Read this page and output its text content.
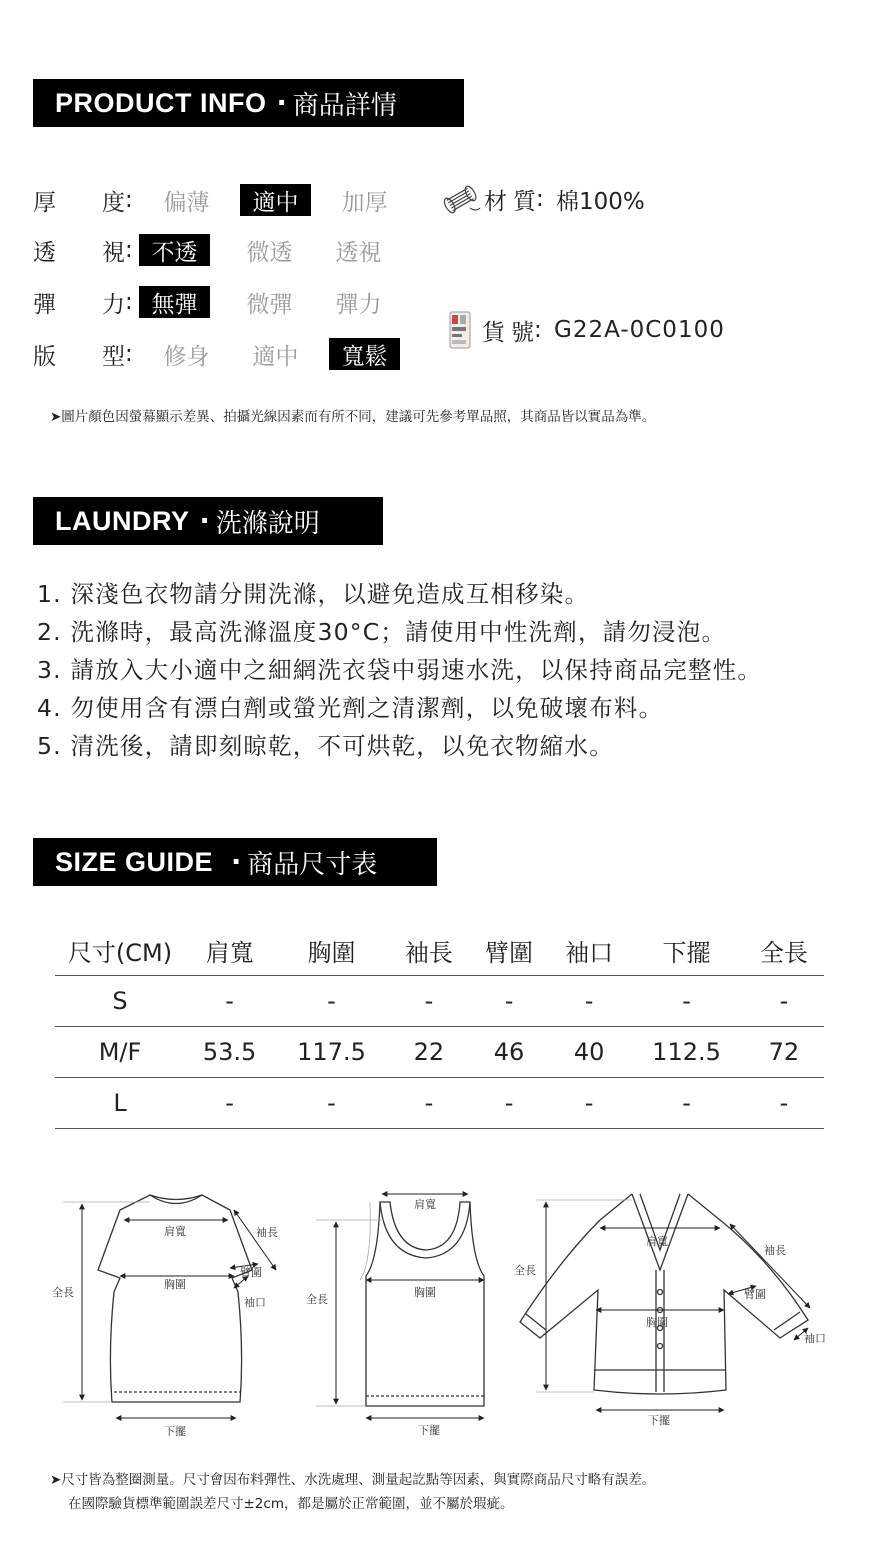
PRODUCT INFO · 商品詳情
厚 度 :	偏薄	適中	加厚
透 視 : 不透	微透	透視
彈 力 : 無彈	微彈	彈力
版 型 :	修身	適中	寬鬆
材 質 : 棉100%
貨 號 : G22A-0C0100
➤圖片顏色因螢幕顯示差異、拍攝光線因素而有所不同，建議可先參考單品照，其商品皆以實品為準。
LAUNDRY · 洗滌說明
1. 深淺色衣物請分開洗滌，以避免造成互相移染。
2. 洗滌時，最高洗滌溫度30°C；請使用中性洗劑，請勿浸泡。
3. 請放入大小適中之細網洗衣袋中弱速水洗，以保持商品完整性。
4. 勿使用含有漂白劑或螢光劑之清潔劑，以免破壞布料。
5. 清洗後，請即刻晾乾，不可烘乾，以免衣物縮水。
SIZE GUIDE · 商品尺寸表
尺寸(CM)	肩寬	胸圍	袖長	臂圍	袖口	下擺	全長
S	-	-	-	-	-	-	-
M/F	53.5	117.5	22	46	40	112.5	72
L	-	-	-	-	-	-	-
全長
肩寬
胸圍
袖長
臂圍
袖口
下擺
肩寬
全長
胸圍
下擺
全長
肩寬
胸圍
袖長
臂圍
袖口
下擺
➤尺寸皆為整圈測量。尺寸會因布料彈性、水洗處理、測量起訖點等因素，與實際商品尺寸略有誤差。
在國際驗貨標準範圍誤差尺寸±2cm，都是屬於正常範圍，並不屬於瑕疵。
